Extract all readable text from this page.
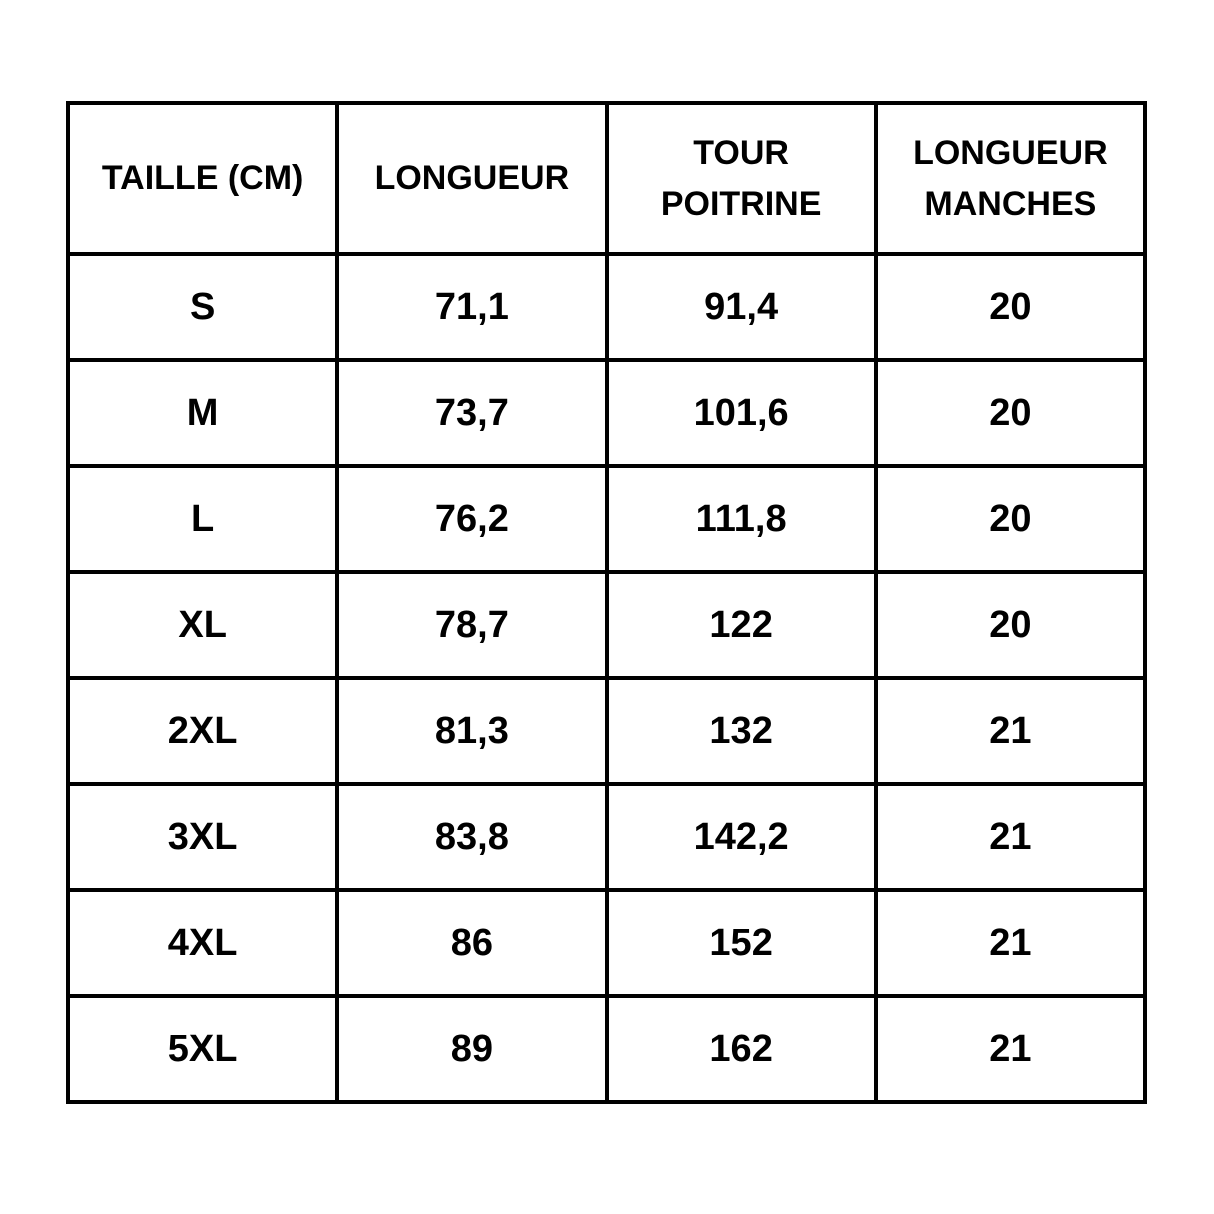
TAILLE (CM)	LONGUEUR	TOUR POITRINE	LONGUEUR MANCHES
S	71,1	91,4	20
M	73,7	101,6	20
L	76,2	111,8	20
XL	78,7	122	20
2XL	81,3	132	21
3XL	83,8	142,2	21
4XL	86	152	21
5XL	89	162	21
